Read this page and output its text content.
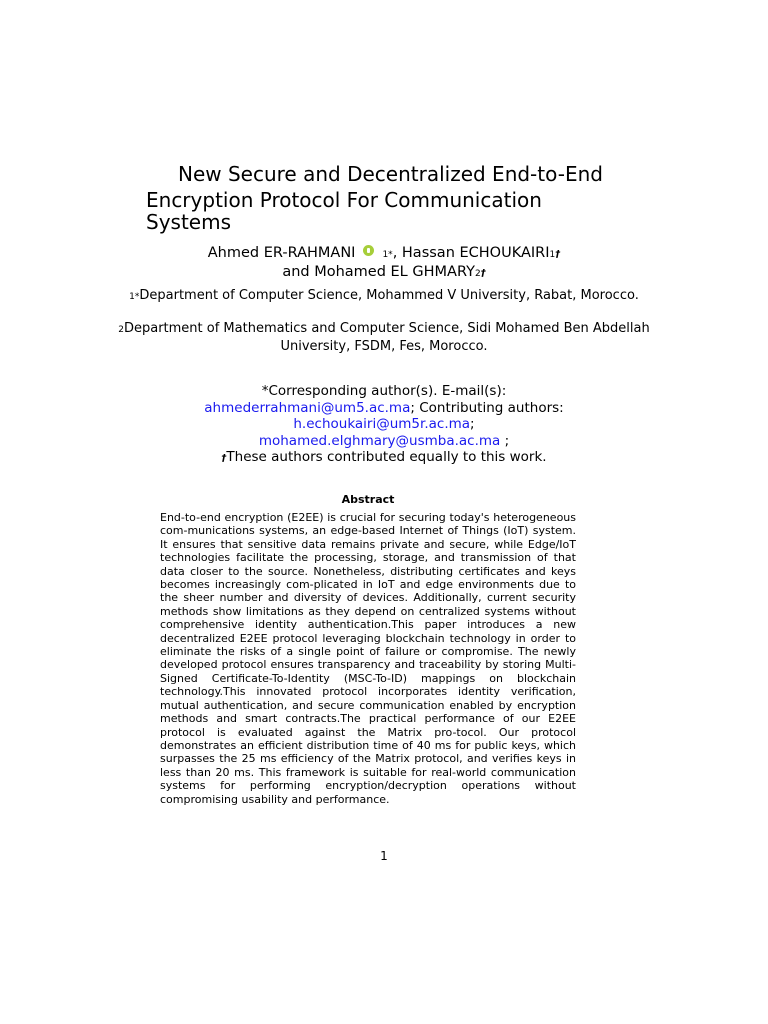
New Secure and Decentralized End-to-End
Encryption Protocol For Communication
Systems
Ahmed ER-RAHMANI	1*, Hassan ECHOUKAIRI1†
and Mohamed EL GHMARY2†
1*Department of Computer Science, Mohammed V University, Rabat, Morocco.
2Department of Mathematics and Computer Science, Sidi Mohamed Ben Abdellah University, FSDM, Fes, Morocco.
*Corresponding author(s). E-mail(s):
ahmederrahmani@um5.ac.ma; Contributing authors:
h.echoukairi@um5r.ac.ma;
mohamed.elghmary@usmba.ac.ma ;
†These authors contributed equally to this work.
Abstract
End-to-end encryption (E2EE) is crucial for securing today's heterogeneous com-munications systems, an edge-based Internet of Things (IoT) system. It ensures that sensitive data remains private and secure, while Edge/IoT technologies facilitate the processing, storage, and transmission of that data closer to the source. Nonetheless, distributing certificates and keys becomes increasingly com-plicated in IoT and edge environments due to the sheer number and diversity of devices. Additionally, current security methods show limitations as they depend on centralized systems without comprehensive identity authentication.This paper introduces a new decentralized E2EE protocol leveraging blockchain technology in order to eliminate the risks of a single point of failure or compromise. The newly developed protocol ensures transparency and traceability by storing Multi-Signed Certificate-To-Identity (MSC-To-ID) mappings on blockchain technology.This innovated protocol incorporates identity verification, mutual authentication, and secure communication enabled by encryption methods and smart contracts.The practical performance of our E2EE protocol is evaluated against the Matrix pro-tocol. Our protocol demonstrates an efficient distribution time of 40 ms for public keys, which surpasses the 25 ms efficiency of the Matrix protocol, and verifies keys in less than 20 ms. This framework is suitable for real-world communication systems for performing encryption/decryption operations without compromising usability and performance.
1
